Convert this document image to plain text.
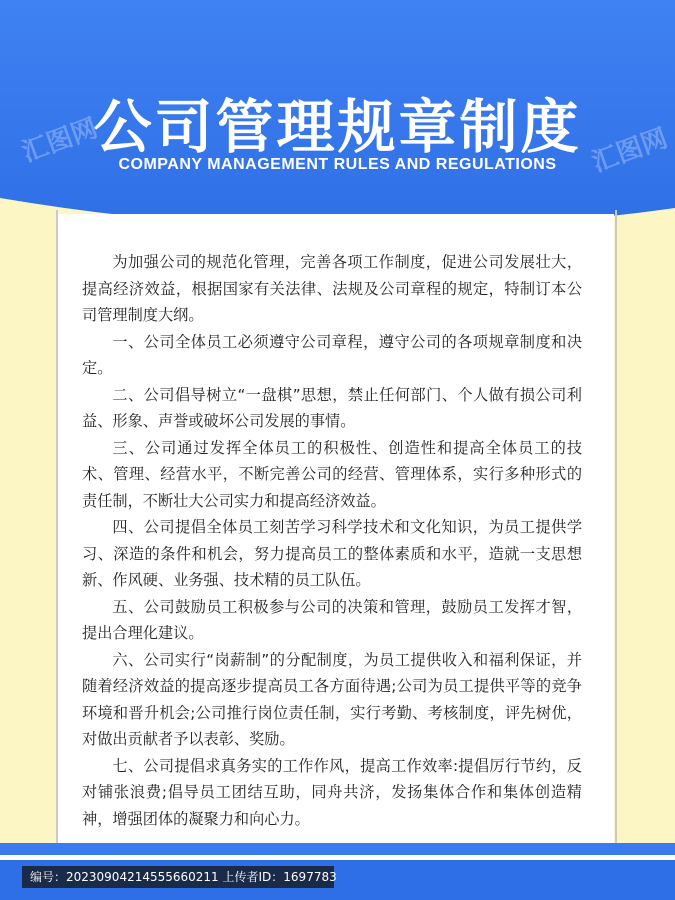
公司管理规章制度
COMPANY MANAGEMENT RULES AND REGULATIONS
汇图网	汇图网

为加强公司的规范化管理，完善各项工作制度，促进公司发展壮大，提高经济效益，根据国家有关法律、法规及公司章程的规定，特制订本公司管理制度大纲。

一、公司全体员工必须遵守公司章程，遵守公司的各项规章制度和决定。

二、公司倡导树立“一盘棋”思想，禁止任何部门、个人做有损公司利益、形象、声誉或破坏公司发展的事情。

三、公司通过发挥全体员工的积极性、创造性和提高全体员工的技术、管理、经营水平，不断完善公司的经营、管理体系，实行多种形式的责任制，不断壮大公司实力和提高经济效益。

四、公司提倡全体员工刻苦学习科学技术和文化知识，为员工提供学习、深造的条件和机会，努力提高员工的整体素质和水平，造就一支思想新、作风硬、业务强、技术精的员工队伍。

五、公司鼓励员工积极参与公司的决策和管理，鼓励员工发挥才智，提出合理化建议。

六、公司实行“岗薪制”的分配制度，为员工提供收入和福利保证，并随着经济效益的提高逐步提高员工各方面待遇;公司为员工提供平等的竞争环境和晋升机会;公司推行岗位责任制，实行考勤、考核制度，评先树优，对做出贡献者予以表彰、奖励。

七、公司提倡求真务实的工作作风，提高工作效率:提倡厉行节约，反对铺张浪费;倡导员工团结互助，同舟共济，发扬集体合作和集体创造精神，增强团体的凝聚力和向心力。

编号：20230904214555660211 上传者ID：1697783
